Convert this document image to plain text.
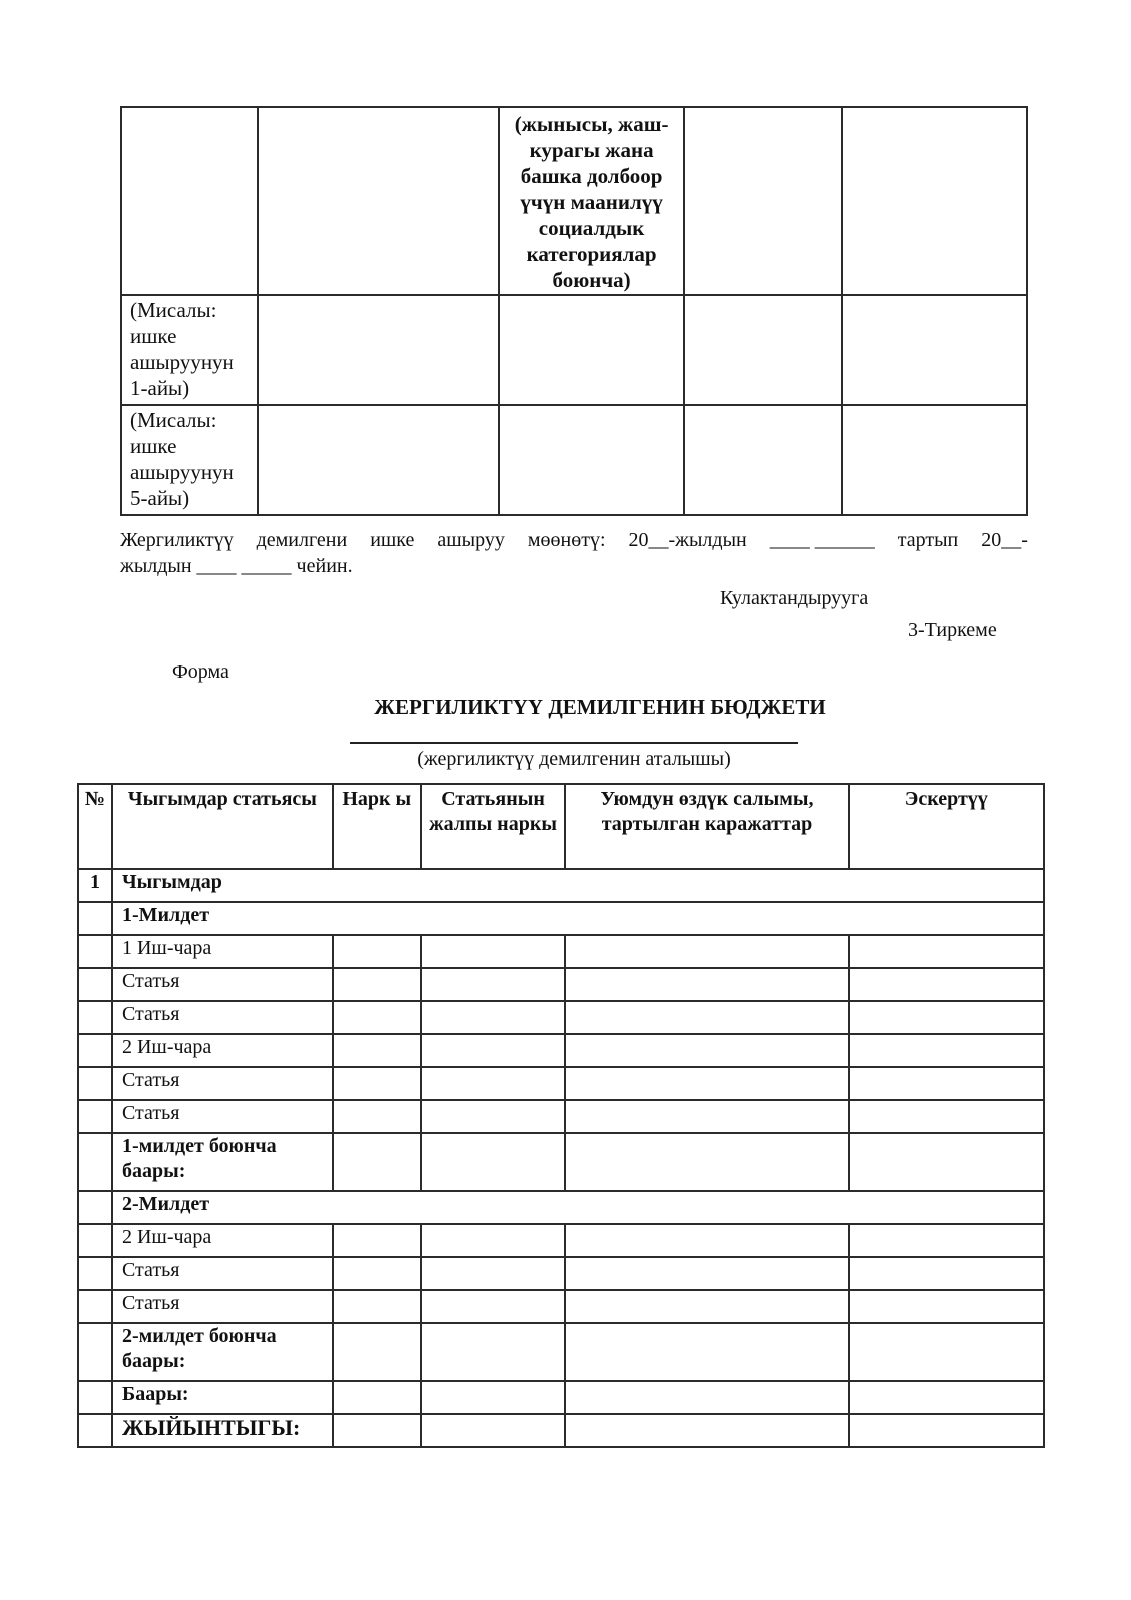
		(жынысы, жаш-курагы жана башка долбоор үчүн маанилүү социалдык категориялар боюнча)		
(Мисалы: ишке ашыруунун 1-айы)				
(Мисалы: ишке ашыруунун 5-айы)				
Жергиликтүү демилгени ишке ашыруу мөөнөтү: 20__-жылдын ____ ______ тартып 20__-
жылдын ____ _____ чейин.
Кулактандырууга
3-Тиркеме
Форма
ЖЕРГИЛИКТҮҮ ДЕМИЛГЕНИН БЮДЖЕТИ
(жергиликтүү демилгенин аталышы)
№	Чыгымдар статьясы	Нарк ы	Статьянын жалпы наркы	Уюмдун өздүк салымы, тартылган каражаттар	Эскертүү
1	Чыгымдар				
	1-Милдет				
	1 Иш-чара				
	Статья				
	Статья				
	2 Иш-чара				
	Статья				
	Статья				
	1-милдет боюнча баары:				
	2-Милдет				
	2 Иш-чара				
	Статья				
	Статья				
	2-милдет боюнча баары:				
	Баары:				
	ЖЫЙЫНТЫГЫ:				
